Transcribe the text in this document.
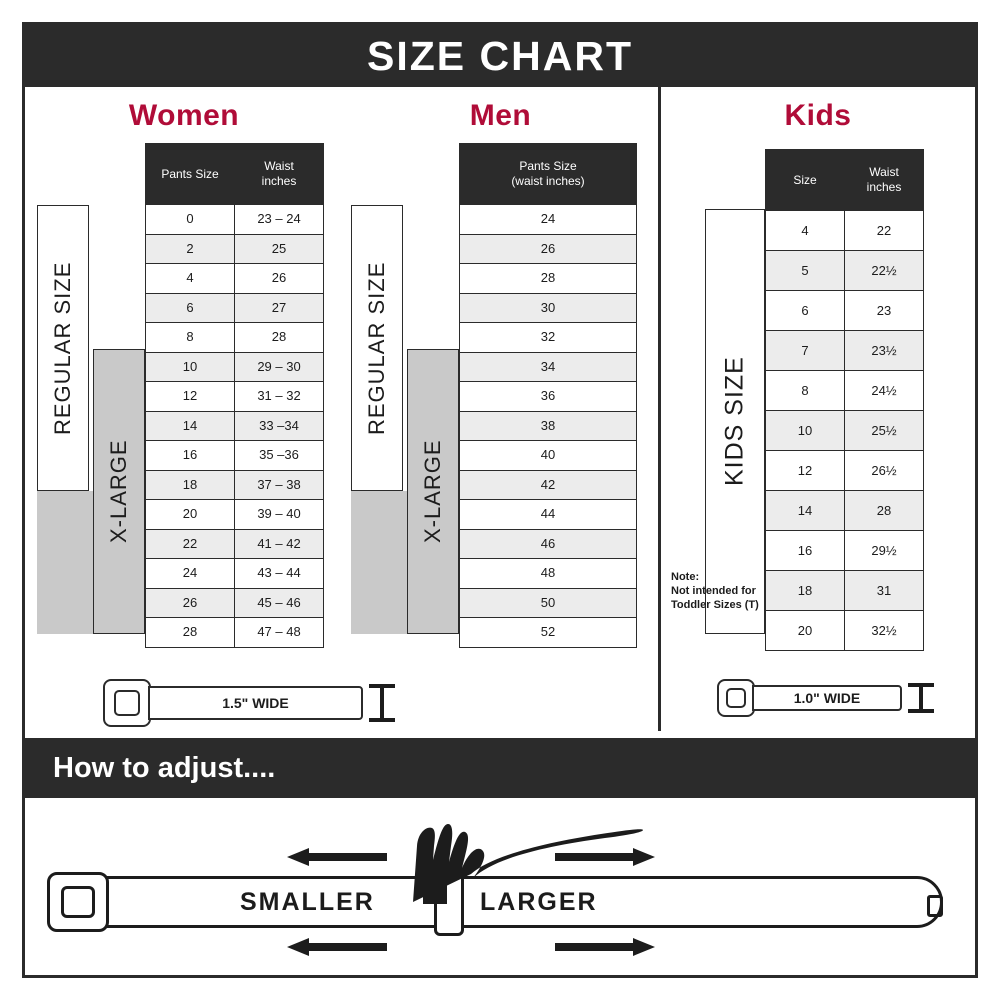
SIZE CHART
Women
REGULAR SIZE
X-LARGE
Pants Size	Waist
inches

0	23 – 24
2	25
4	26
6	27
8	28
10	29 – 30
12	31 – 32
14	33 –34
16	35 –36
18	37 – 38
20	39 – 40
22	41 – 42
24	43 – 44
26	45 – 46
28	47 – 48
1.5" WIDE
Men
REGULAR SIZE
X-LARGE
Pants Size
(waist inches)

24
26
28
30
32
34
36
38
40
42
44
46
48
50
52
Kids
KIDS SIZE
Size	Waist
inches

4	22
5	22½
6	23
7	23½
8	24½
10	25½
12	26½
14	28
16	29½
18	31
20	32½
Note:
Not intended for
Toddler Sizes (T)
1.0" WIDE
How to adjust....
SMALLER	LARGER
